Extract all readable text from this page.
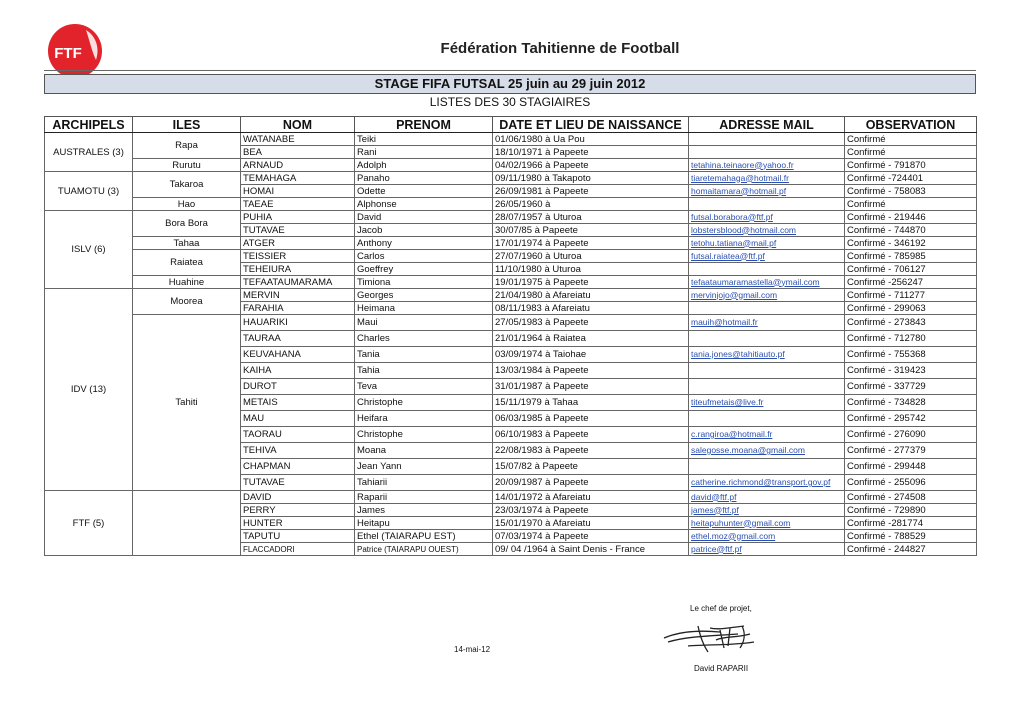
FTF	Fédération Tahitienne de Football
STAGE FIFA FUTSAL 25 juin au 29 juin 2012
LISTES DES 30 STAGIAIRES
ARCHIPELS	ILES	NOM	PRENOM	DATE ET LIEU DE NAISSANCE	ADRESSE MAIL	OBSERVATION
AUSTRALES (3)	Rapa	WATANABE	Teiki	01/06/1980 à Ua Pou		Confirmé
		BEA	Rani	18/10/1971 à Papeete		Confirmé
	Rurutu	ARNAUD	Adolph	04/02/1966 à Papeete	tetahina.teinaore@yahoo.fr	Confirmé - 791870
TUAMOTU (3)	Takaroa	TEMAHAGA	Panaho	09/11/1980 à Takapoto	tiaretemahaga@hotmail.fr	Confirmé -724401
		HOMAI	Odette	26/09/1981 à Papeete	homaitamara@hotmail.pf	Confirmé - 758083
	Hao	TAEAE	Alphonse	26/05/1960 à		Confirmé
ISLV (6)	Bora Bora	PUHIA	David	28/07/1957 à Uturoa	futsal.borabora@ftf.pf	Confirmé - 219446
		TUTAVAE	Jacob	30/07/85 à Papeete	lobstersblood@hotmail.com	Confirmé - 744870
	Tahaa	ATGER	Anthony	17/01/1974 à Papeete	tetohu.tatiana@mail.pf	Confirmé - 346192
	Raiatea	TEISSIER	Carlos	27/07/1960 à Uturoa	futsal.raiatea@ftf.pf	Confirmé - 785985
		TEHEIURA	Goeffrey	11/10/1980 à Uturoa		Confirmé - 706127
	Huahine	TEFAATAUMARAMA	Timiona	19/01/1975 à Papeete	tefaataumaramastella@ymail.com	Confirmé -256247
IDV (13)	Moorea	MERVIN	Georges	21/04/1980 à Afareiatu	mervinjojo@gmail.com	Confirmé - 711277
		FARAHIA	Heimana	08/11/1983 à Afareiatu		Confirmé - 299063
	Tahiti	HAUARIKI	Maui	27/05/1983 à Papeete	mauih@hotmail.fr	Confirmé - 273843
		TAURAA	Charles	21/01/1964 à Raiatea		Confirmé - 712780
		KEUVAHANA	Tania	03/09/1974 à Taiohae	tania.jones@tahitiauto.pf	Confirmé - 755368
		KAIHA	Tahia	13/03/1984 à Papeete		Confirmé - 319423
		DUROT	Teva	31/01/1987 à Papeete		Confirmé - 337729
		METAIS	Christophe	15/11/1979 à Tahaa	titeufmetais@live.fr	Confirmé - 734828
		MAU	Heifara	06/03/1985 à Papeete		Confirmé - 295742
		TAORAU	Christophe	06/10/1983 à Papeete	c.rangiroa@hotmail.fr	Confirmé - 276090
		TEHIVA	Moana	22/08/1983 à Papeete	salegosse.moana@gmail.com	Confirmé - 277379
		CHAPMAN	Jean Yann	15/07/82 à Papeete		Confirmé - 299448
		TUTAVAE	Tahiarii	20/09/1987 à Papeete	catherine.richmond@transport.gov.pf	Confirmé - 255096
FTF (5)		DAVID	Raparii	14/01/1972 à Afareiatu	david@ftf.pf	Confirmé - 274508
		PERRY	James	23/03/1974 à Papeete	james@ftf.pf	Confirmé - 729890
		HUNTER	Heitapu	15/01/1970 à Afareiatu	heitapuhunter@gmail.com	Confirmé -281774
		TAPUTU	Ethel (TAIARAPU EST)	07/03/1974 à Papeete	ethel.moz@gmail.com	Confirmé - 788529
		FLACCADORI	Patrice (TAIARAPU OUEST)	09/ 04 /1964 à Saint Denis - France	patrice@ftf.pf	Confirmé - 244827
Le chef de projet,
David RAPARII
14-mai-12
